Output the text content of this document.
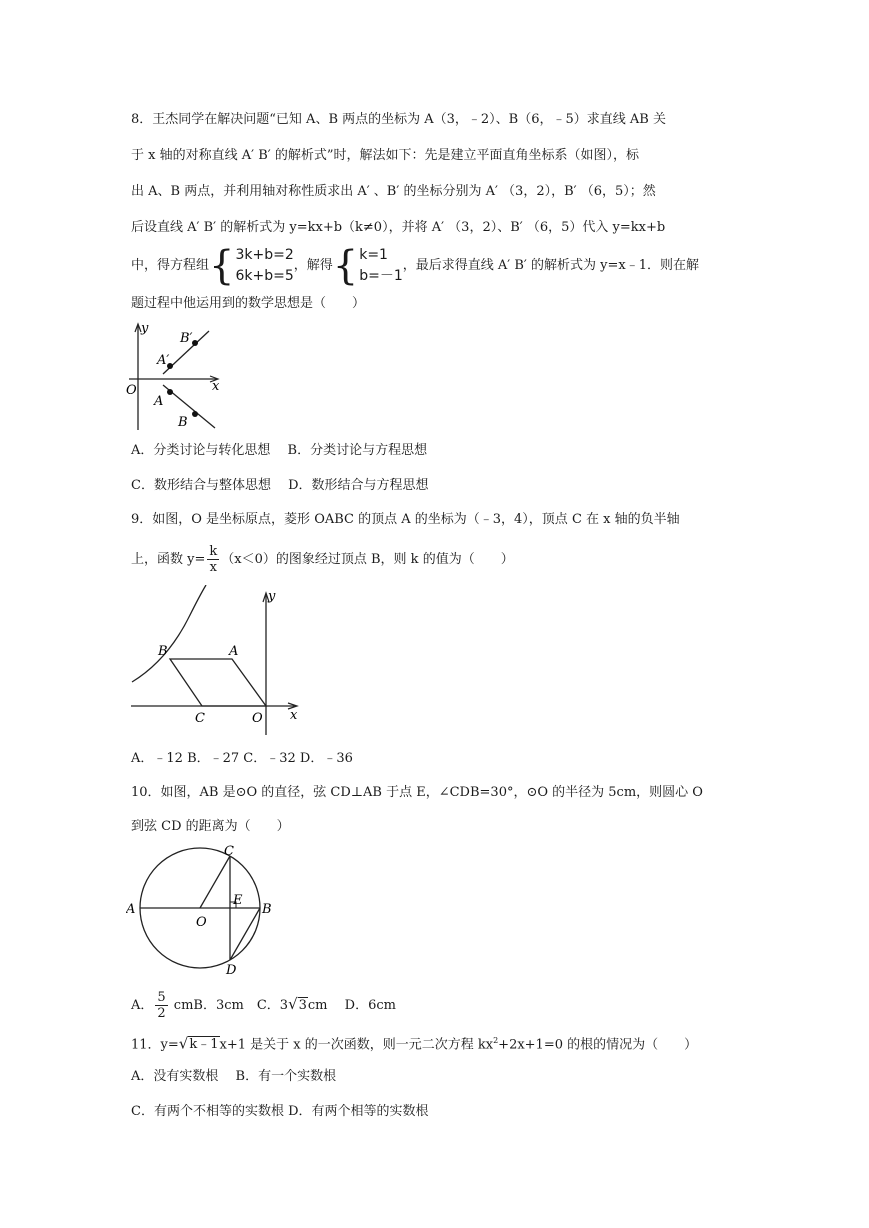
8．王杰同学在解决问题“已知 A、B 两点的坐标为 A（3，﹣2）、B（6，﹣5）求直线 AB 关
于 x 轴的对称直线 A′ B′ 的解析式”时，解法如下：先是建立平面直角坐标系（如图），标
出 A、B 两点，并利用轴对称性质求出 A′ 、B′ 的坐标分别为 A′ （3，2），B′ （6，5）；然
后设直线 A′ B′ 的解析式为 y=kx+b（k≠0），并将 A′ （3，2）、B′ （6，5）代入 y=kx+b
中，得方程组{ 3k+b=2
6k+b=5
，解得{ k=1
b=－1
，最后求得直线 A′ B′ 的解析式为 y=x﹣1．则在解
题过程中他运用到的数学思想是（　　）
y
x
O
B′
A′
A
B
A．分类讨论与转化思想　 B．分类讨论与方程思想
C．数形结合与整体思想　 D．数形结合与方程思想
9．如图，O 是坐标原点，菱形 OABC 的顶点 A 的坐标为（﹣3，4），顶点 C 在 x 轴的负半轴
上，函数 $y= \frac{k}{x} (x<0)$的图象经过顶点 B，则 k 的值为（　　）
y
x
O
A
B
C
A．﹣12 B．﹣27 C．﹣32 D．﹣36
10．如图，AB 是⊙O 的直径，弦 CD⊥AB 于点 E，∠CDB=30°，⊙O 的半径为 5cm，则圆心 O
到弦 CD 的距离为（　　）
A	B
C
D
E
O
A． $\frac{5}{2}$ cmB．3cm　C．3√3cm　 D．6cm
11．y=√k﹣1x+1 是关于 x 的一次函数，则一元二次方程 $kx^2+2x+1=0$ 的根的情况为（　　）
A．没有实数根　 B．有一个实数根
C．有两个不相等的实数根 D．有两个相等的实数根
